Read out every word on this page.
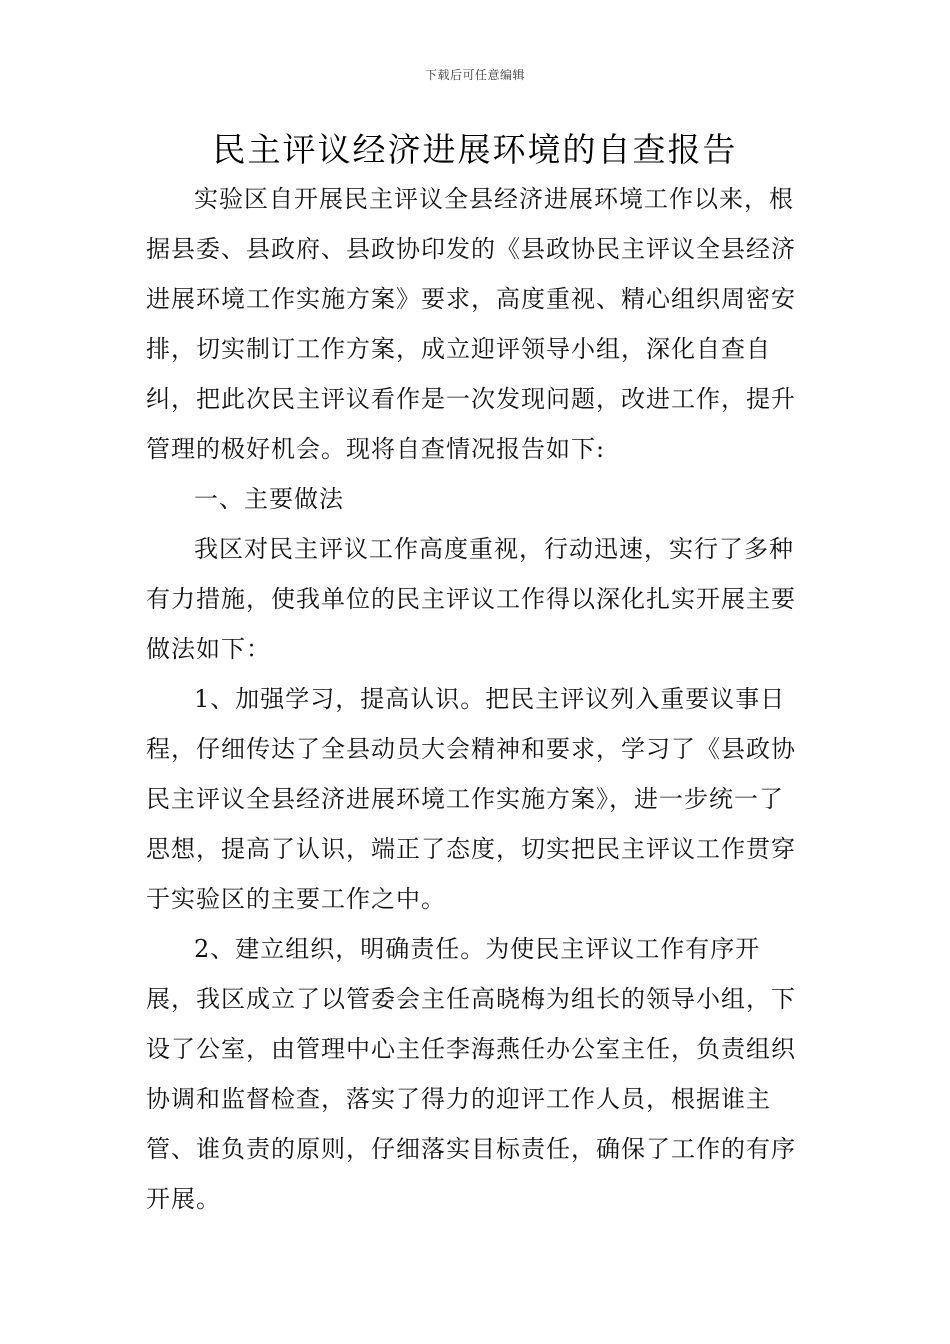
下载后可任意编辑
民主评议经济进展环境的自查报告

实验区自开展民主评议全县经济进展环境工作以来，根据县委、县政府、县政协印发的《县政协民主评议全县经济进展环境工作实施方案》要求，高度重视、精心组织周密安排，切实制订工作方案，成立迎评领导小组，深化自查自纠，把此次民主评议看作是一次发现问题，改进工作，提升管理的极好机会。现将自查情况报告如下:

一、主要做法

我区对民主评议工作高度重视，行动迅速，实行了多种有力措施，使我单位的民主评议工作得以深化扎实开展主要做法如下：

1、加强学习，提高认识。把民主评议列入重要议事日程，仔细传达了全县动员大会精神和要求，学习了《县政协民主评议全县经济进展环境工作实施方案》，进一步统一了思想，提高了认识，端正了态度，切实把民主评议工作贯穿于实验区的主要工作之中。

2、建立组织，明确责任。为使民主评议工作有序开展，我区成立了以管委会主任高晓梅为组长的领导小组，下设了公室，由管理中心主任李海燕任办公室主任，负责组织协调和监督检查，落实了得力的迎评工作人员，根据谁主管、谁负责的原则，仔细落实目标责任，确保了工作的有序开展。
